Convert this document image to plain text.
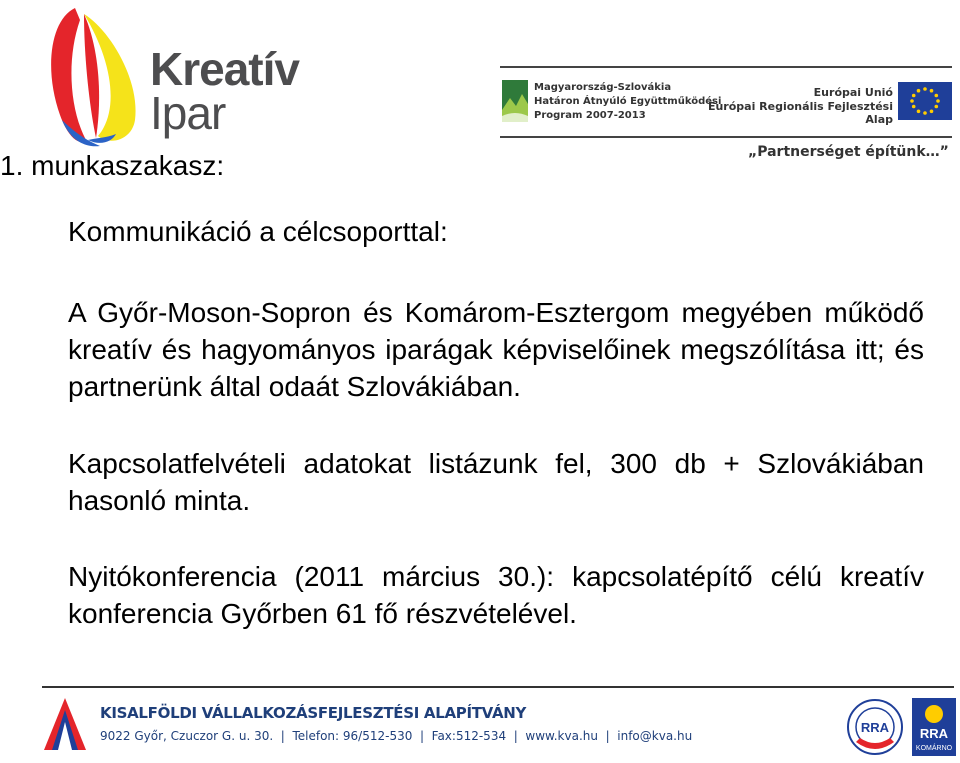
Kreatív
Ipar	Magyarország-Szlovákia
Határon Átnyúló Együttműködési
Program 2007-2013
Európai Unió
Európai Regionális Fejlesztési Alap
„Partnerséget építünk…”
1. munkaszakasz:
Kommunikáció a célcsoporttal:
A Győr-Moson-Sopron és Komárom-Esztergom megyében működő kreatív és hagyományos iparágak képviselőinek megszólítása itt; és partnerünk által odaát Szlovákiában.
Kapcsolatfelvételi adatokat listázunk fel, 300 db + Szlovákiában hasonló minta.
Nyitókonferencia (2011 március 30.): kapcsolatépítő célú kreatív konferencia Győrben 61 fő részvételével.
KISALFÖLDI VÁLLALKOZÁSFEJLESZTÉSI ALAPÍTVÁNY
9022 Győr, Czuczor G. u. 30.  |  Telefon: 96/512-530  |  Fax:512-534  |  www.kva.hu  |  info@kva.hu
RRA RRA
KOMÁRNO
